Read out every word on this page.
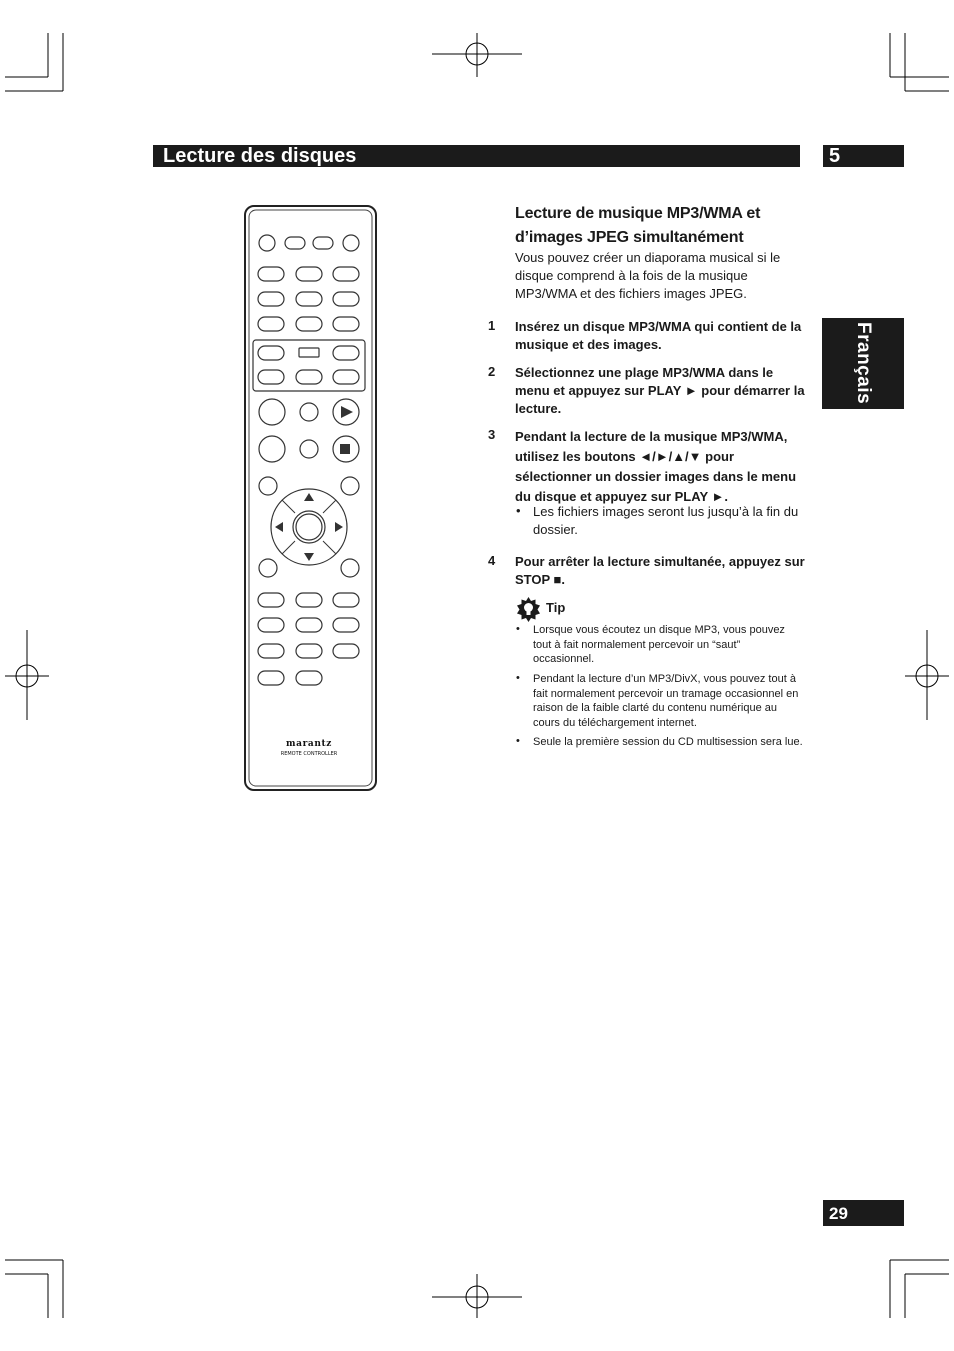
Lecture des disques	5
Français
marantz
REMOTE CONTROLLER
Lecture de musique MP3/WMA et d’images JPEG simultanément
Vous pouvez créer un diaporama musical si le disque comprend à la fois de la musique MP3/WMA et des fichiers images JPEG.
1 Insérez un disque MP3/WMA qui contient de la musique et des images.
2 Sélectionnez une plage MP3/WMA dans le menu et appuyez sur PLAY ► pour démarrer la lecture.
3 Pendant la lecture de la musique MP3/WMA, utilisez les boutons ◄/►/▲/▼ pour sélectionner un dossier images dans le menu du disque et appuyez sur PLAY ►.
• Les fichiers images seront lus jusqu’à la fin du dossier.
4 Pour arrêter la lecture simultanée, appuyez sur STOP ■.
Tip
• Lorsque vous écoutez un disque MP3, vous pouvez tout à fait normalement percevoir un “saut” occasionnel.
• Pendant la lecture d’un MP3/DivX, vous pouvez tout à fait normalement percevoir un tramage occasionnel en raison de la faible clarté du contenu numérique au cours du téléchargement internet.
• Seule la première session du CD multisession sera lue.
29
